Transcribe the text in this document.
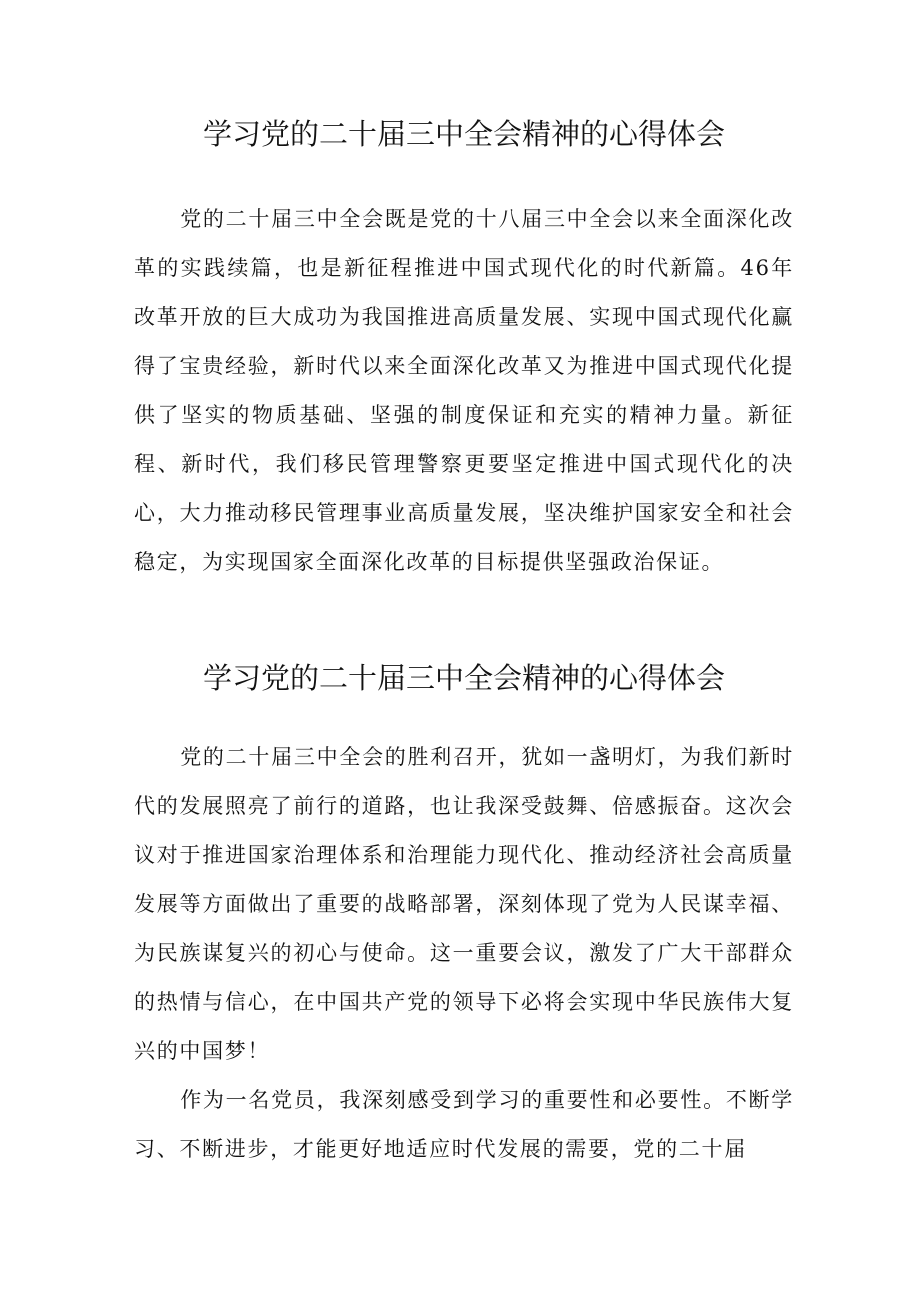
学习党的二十届三中全会精神的心得体会

党的二十届三中全会既是党的十八届三中全会以来全面深化改革的实践续篇，也是新征程推进中国式现代化的时代新篇。46年改革开放的巨大成功为我国推进高质量发展、实现中国式现代化赢得了宝贵经验，新时代以来全面深化改革又为推进中国式现代化提供了坚实的物质基础、坚强的制度保证和充实的精神力量。新征程、新时代，我们移民管理警察更要坚定推进中国式现代化的决心，大力推动移民管理事业高质量发展，坚决维护国家安全和社会稳定，为实现国家全面深化改革的目标提供坚强政治保证。

学习党的二十届三中全会精神的心得体会

党的二十届三中全会的胜利召开，犹如一盏明灯，为我们新时代的发展照亮了前行的道路，也让我深受鼓舞、倍感振奋。这次会议对于推进国家治理体系和治理能力现代化、推动经济社会高质量发展等方面做出了重要的战略部署，深刻体现了党为人民谋幸福、为民族谋复兴的初心与使命。这一重要会议，激发了广大干部群众的热情与信心，在中国共产党的领导下必将会实现中华民族伟大复兴的中国梦！

作为一名党员，我深刻感受到学习的重要性和必要性。不断学习、不断进步，才能更好地适应时代发展的需要，党的二十届
